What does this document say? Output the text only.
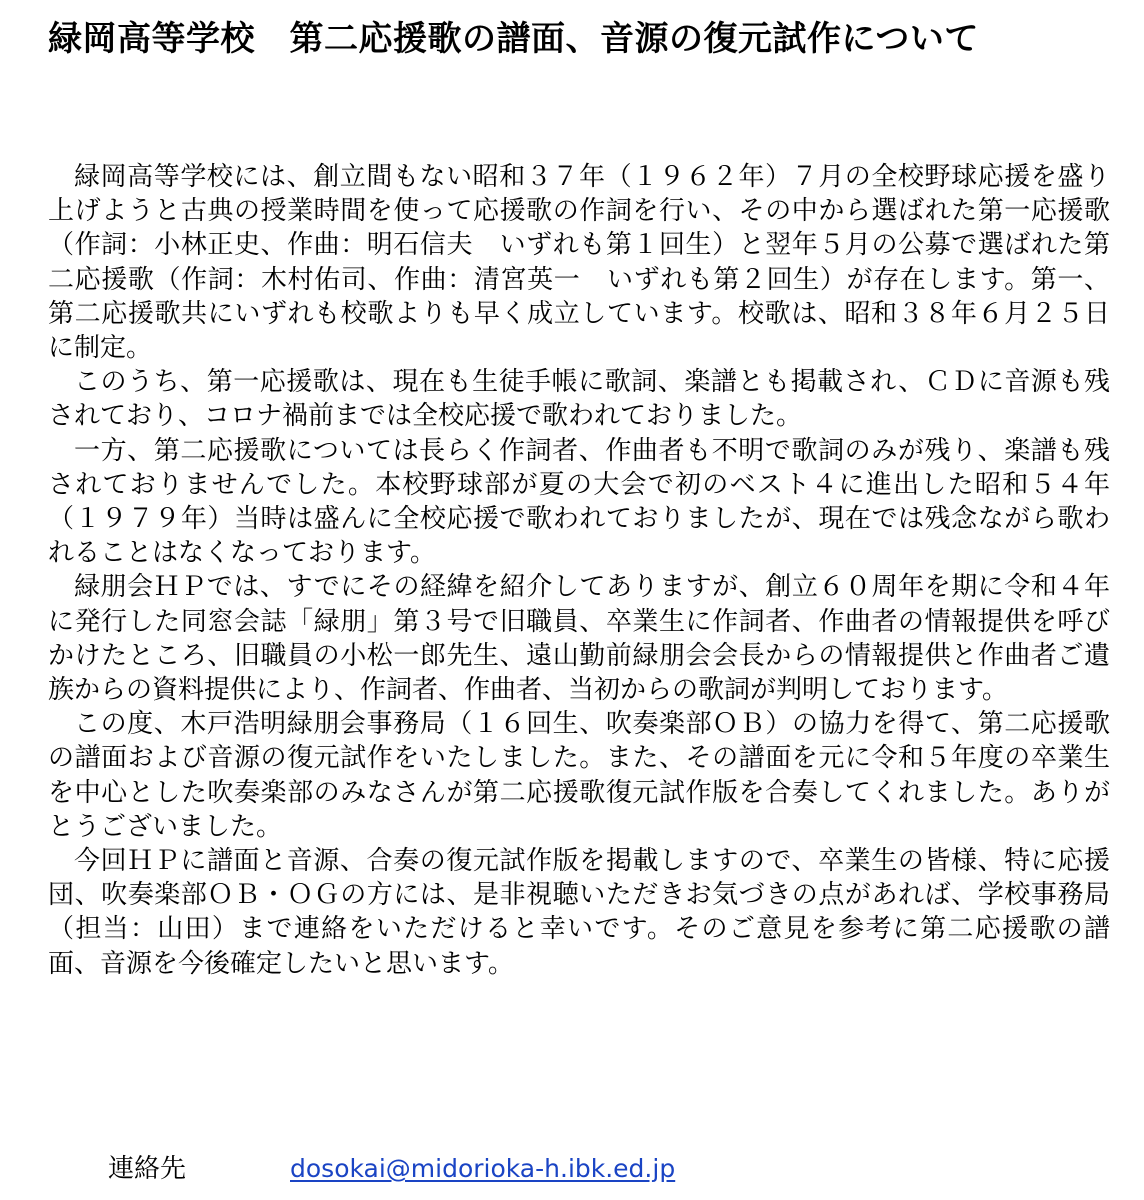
緑岡高等学校　第二応援歌の譜面、音源の復元試作について

緑岡高等学校には、創立間もない昭和３７年（１９６２年）７月の全校野球応援を盛り上げようと古典の授業時間を使って応援歌の作詞を行い、その中から選ばれた第一応援歌（作詞：小林正史、作曲：明石信夫　いずれも第１回生）と翌年５月の公募で選ばれた第二応援歌（作詞：木村佑司、作曲：清宮英一　いずれも第２回生）が存在します。第一、第二応援歌共にいずれも校歌よりも早く成立しています。校歌は、昭和３８年６月２５日に制定。

このうち、第一応援歌は、現在も生徒手帳に歌詞、楽譜とも掲載され、ＣＤに音源も残されており、コロナ禍前までは全校応援で歌われておりました。

一方、第二応援歌については長らく作詞者、作曲者も不明で歌詞のみが残り、楽譜も残されておりませんでした。本校野球部が夏の大会で初のベスト４に進出した昭和５４年（１９７９年）当時は盛んに全校応援で歌われておりましたが、現在では残念ながら歌われることはなくなっております。

緑朋会ＨＰでは、すでにその経緯を紹介してありますが、創立６０周年を期に令和４年に発行した同窓会誌「緑朋」第３号で旧職員、卒業生に作詞者、作曲者の情報提供を呼びかけたところ、旧職員の小松一郎先生、遠山勤前緑朋会会長からの情報提供と作曲者ご遺族からの資料提供により、作詞者、作曲者、当初からの歌詞が判明しております。

この度、木戸浩明緑朋会事務局（１６回生、吹奏楽部ＯＢ）の協力を得て、第二応援歌の譜面および音源の復元試作をいたしました。また、その譜面を元に令和５年度の卒業生を中心とした吹奏楽部のみなさんが第二応援歌復元試作版を合奏してくれました。ありがとうございました。

今回ＨＰに譜面と音源、合奏の復元試作版を掲載しますので、卒業生の皆様、特に応援団、吹奏楽部ＯＢ・ＯＧの方には、是非視聴いただきお気づきの点があれば、学校事務局（担当：山田）まで連絡をいただけると幸いです。そのご意見を参考に第二応援歌の譜面、音源を今後確定したいと思います。

連絡先	dosokai@midorioka-h.ibk.ed.jp
